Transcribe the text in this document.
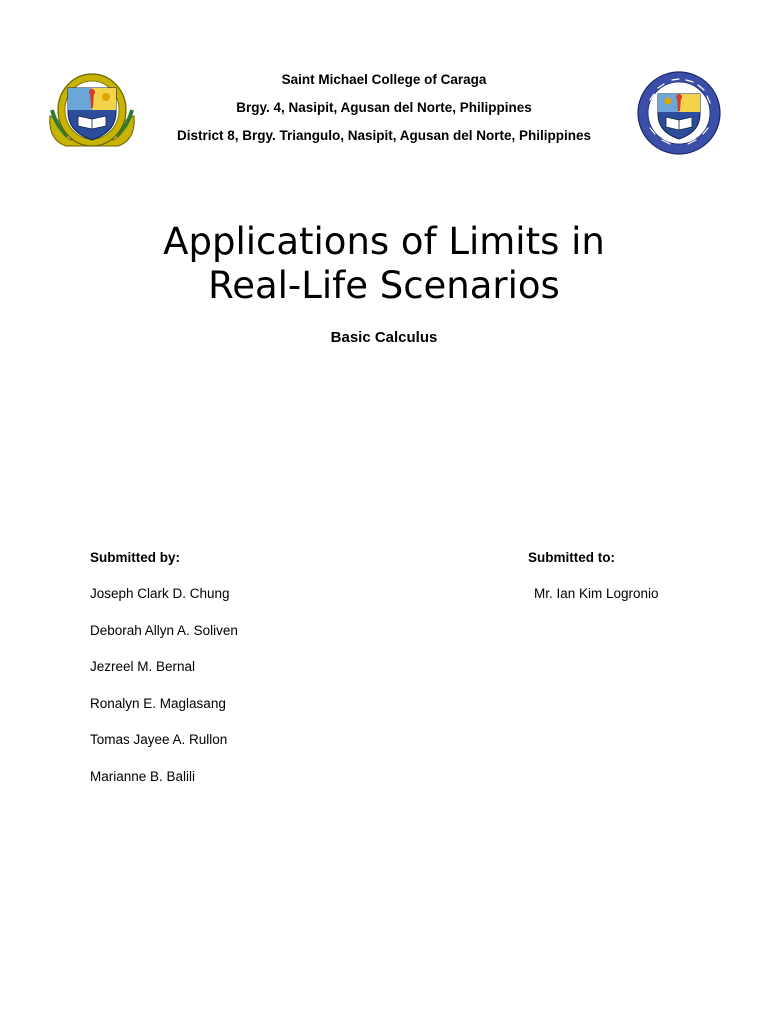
Saint Michael College of Caraga

Brgy. 4, Nasipit, Agusan del Norte, Philippines

District 8, Brgy. Triangulo, Nasipit, Agusan del Norte, Philippines

Applications of Limits in
Real-Life Scenarios

Basic Calculus

Submitted by:
Joseph Clark D. Chung
Deborah Allyn A. Soliven
Jezreel M. Bernal
Ronalyn E. Maglasang
Tomas Jayee A. Rullon
Marianne B. Balili
Submitted to:
Mr. Ian Kim Logronio
